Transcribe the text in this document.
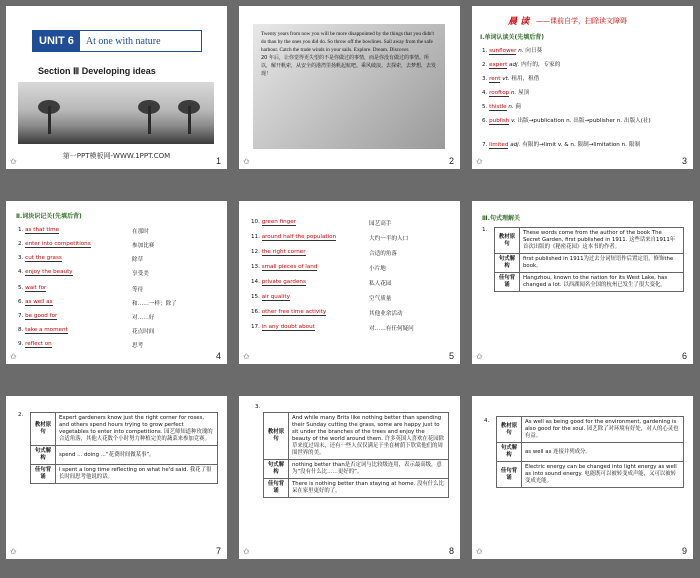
UNIT 6	At one with nature
Section Ⅲ Developing ideas
第一PPT模板网-WWW.1PPT.COM
✩	1
Twenty years from now you will be more disappointed by the things that you didn't do than by the ones you did do. So throw off the bowlines. Sail away from the safe harbour. Catch the trade winds in your sails. Explore. Dream. Discover.
20 年后，让你觉得更失望的不是你做过的事情，而是你没有做过的事情。所以，解开帆索，从安全的港湾里扬帆起航吧。乘风破浪。去探索，去梦想，去发现！
✩	2
晨 读 ——课前自学，扫除读文障碍
Ⅰ.单词认读关(先填后背)
1. sunflower n. 向日葵
2. expert adj. 内行的，专家的
3. rent vt. 租用，租借
4. rooftop n. 屋顶
5. thistle n. 蓟
6. publish v. 出版→publication n. 出版→publisher n. 出版人(社)
7. limited adj. 有限的→limit v. & n. 限制→limitation n. 限制
✩	3
Ⅱ.词块识记关(先填后背)
1. as that time	在那时
2. enter into competitions	参加比赛
3. cut the grass	除草
4. enjoy the beauty	享受美
5. wait for	等待
6. as well as	和……一样；除了
7. be good for	对……好
8. take a moment	花点时间
9. reflect on	思考
✩	4
10. green finger	园艺高手
11. around half the population	大约一半的人口
12. the right corner	合适的角落
13. small pieces of land	小片地
14. private gardens	私人花园
15. air quality	空气质量
16. other free time activity	其他业余活动
17. in any doubt about	对……有任何疑问
✩	5
Ⅲ.句式理解关
1.
教材原句	These words come from the author of the book The Secret Garden, first published in 1911. 这些话来自1911年首次出版的《秘密花园》这本书的作者。
句式解构	first published in 1911为过去分词短语作后置定语，修饰the book。
佳句背诵	Hangzhou, known to the nation for its West Lake, has changed a lot. 以西湖闻名全国的杭州已发生了很大变化。
✩	6
2.
教材原句	Expert gardeners know just the right corner for roses, and others spend hours trying to grow perfect vegetables to enter into competitions. 园艺师知道种玫瑰的合适角落，其他人花数个小时努力种植完美的蔬菜来参加竞赛。
句式解构	spend ... doing ...“花费时间做某事”。
佳句背诵	I spent a long time reflecting on what he'd said. 我花了很长时间思考他说的话。
✩	7
3.
教材原句	And while many Brits like nothing better than spending their Sunday cutting the grass, some are happy just to sit under the branches of the trees and enjoy the beauty of the world around them. 许多英国人喜欢在花园除草来度过周末，还有一些人仅仅满足于坐在树荫下欣赏他们的周围世界的美。
句式解构	nothing better than是否定词与比较级连用，表示最高级，意为“没有什么比……更好的”。
佳句背诵	There is nothing better than staying at home. 没有什么比呆在家里更好的了。
✩	8
4.
教材原句	As well as being good for the environment, gardening is also good for the soul. 园艺除了对环境有好处，对人的心灵也有益。
句式解构	as well as 连接并列成分。
佳句背诵	Electric energy can be changed into light energy as well as into sound energy. 电能既可以被转变成声能，又可以被转变成光能。
✩	9
